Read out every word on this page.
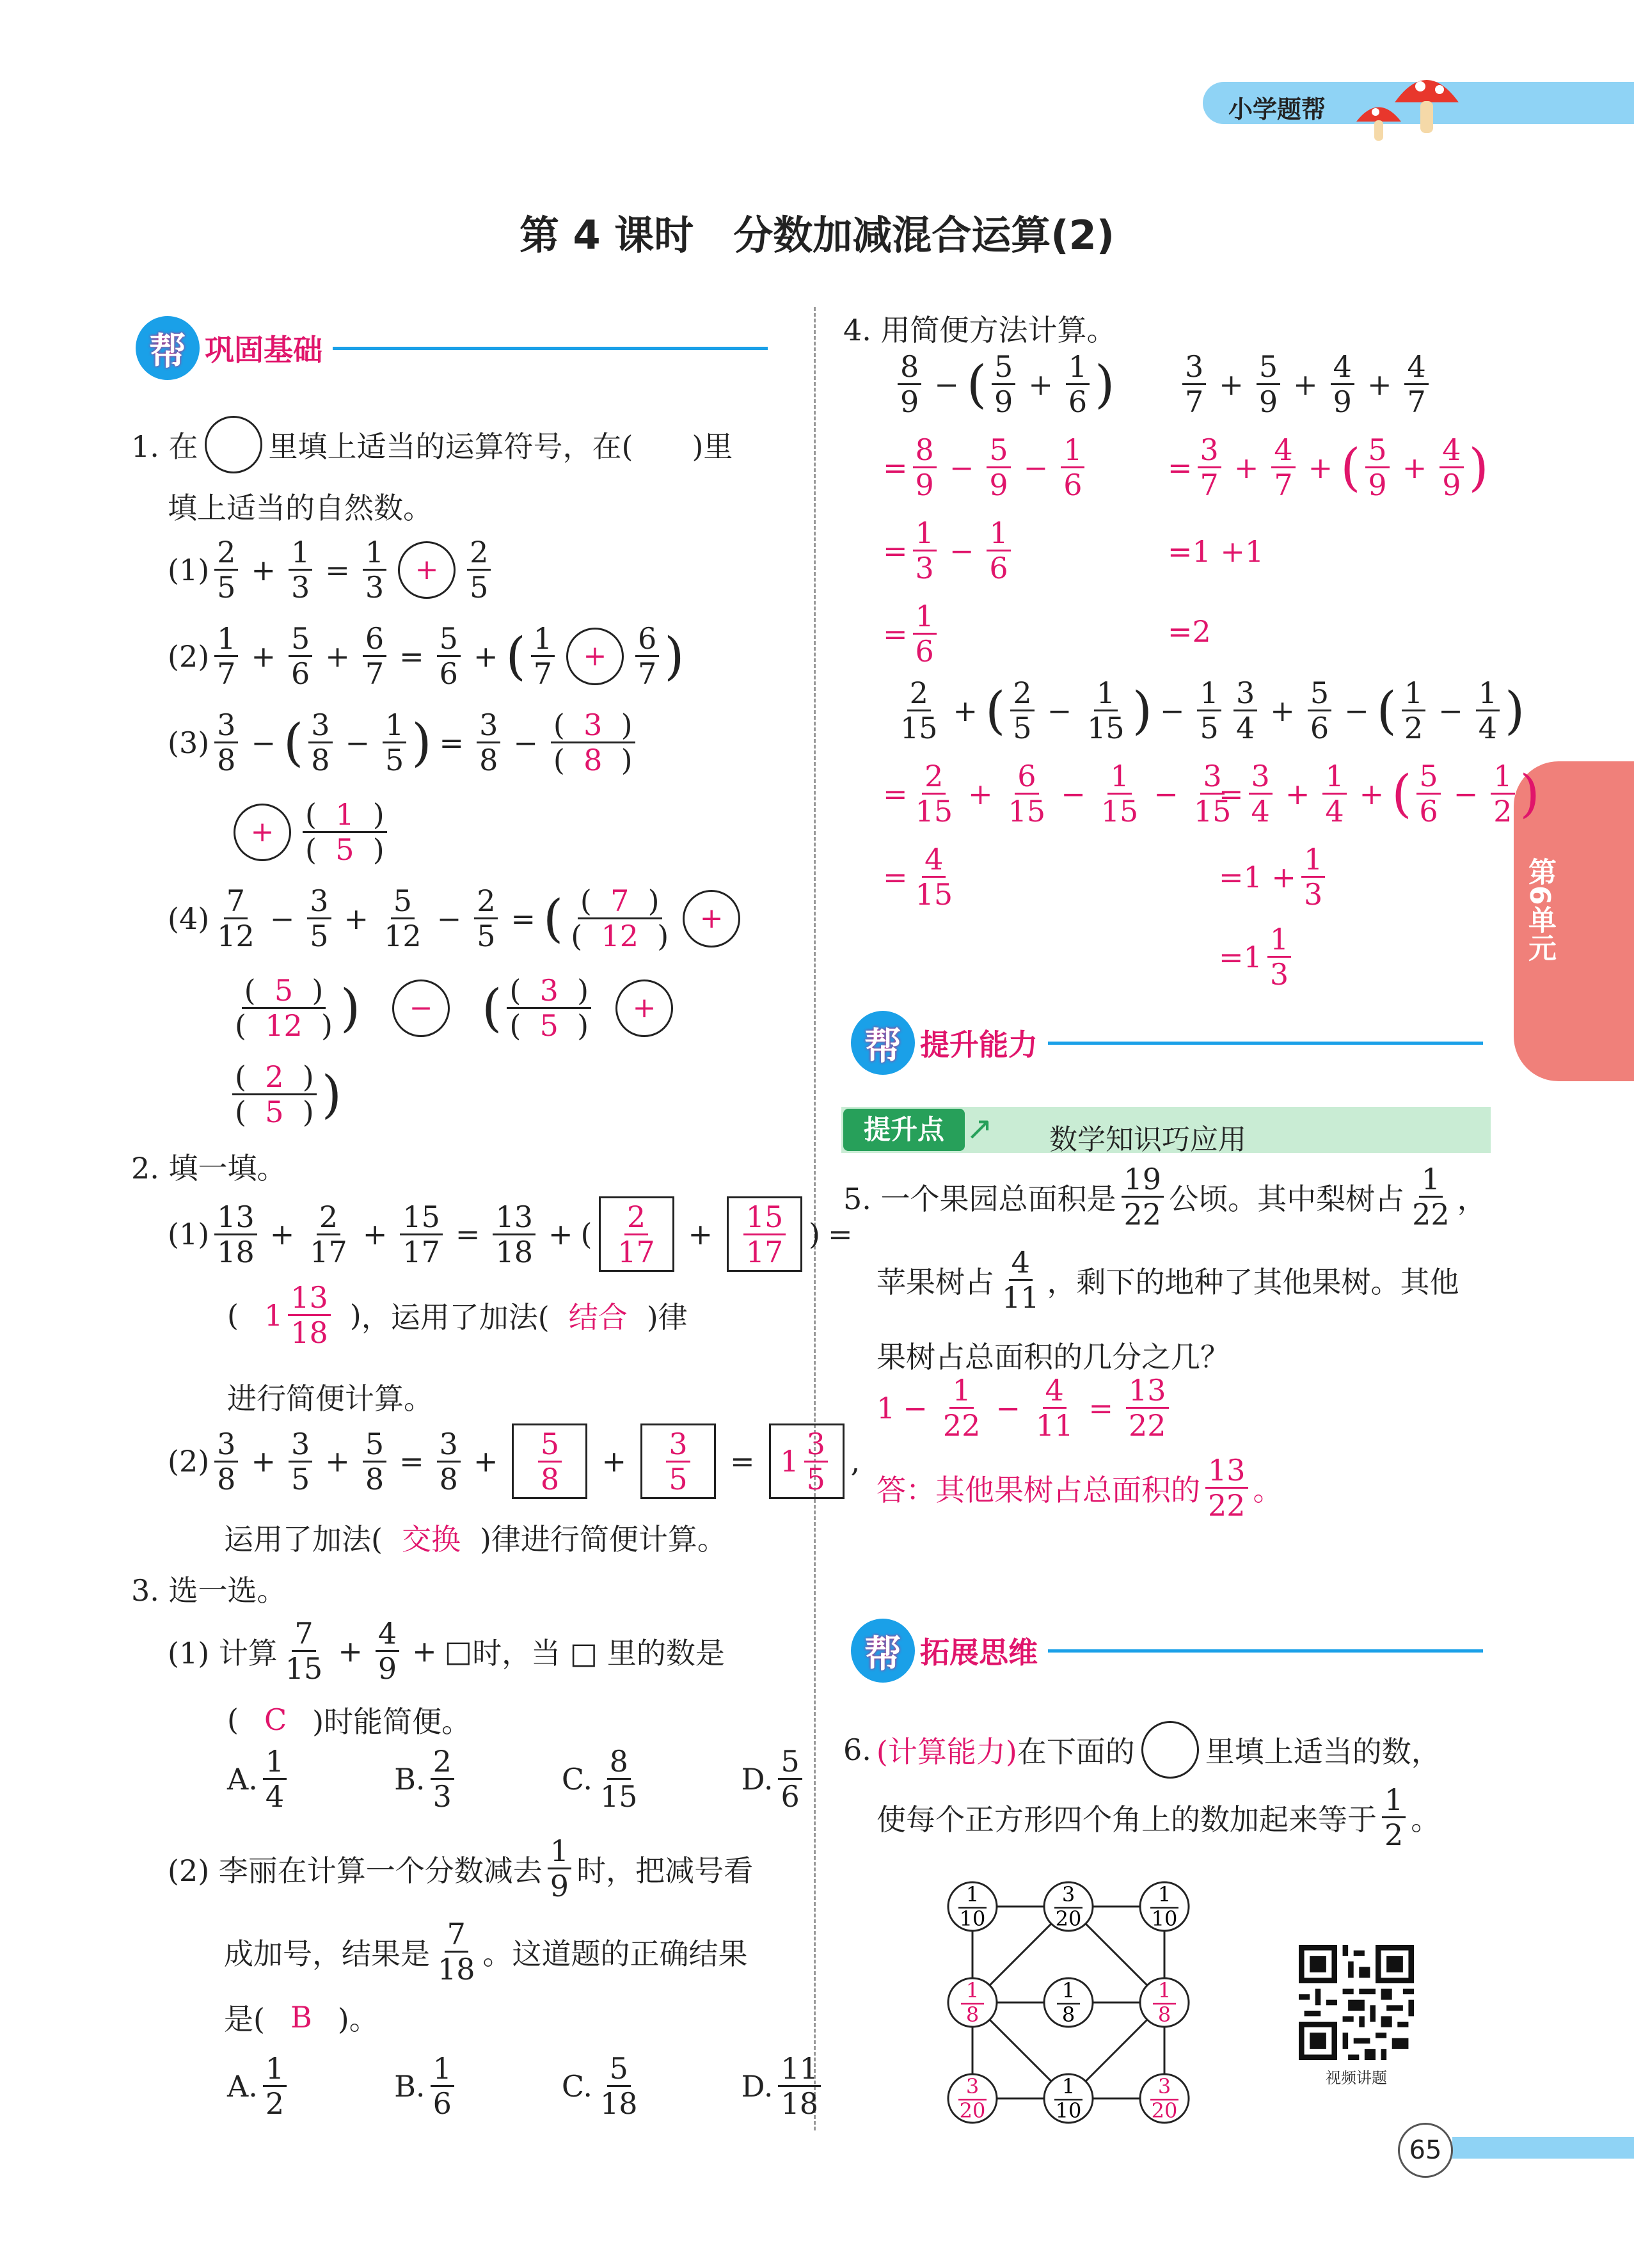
小学题帮
第 4 课时　分数加减混合运算(2)
第6单元
帮 巩固基础
1. 在 里填上适当的运算符号，在(　　)里
填上适当的自然数。
$(1) \frac{2}{5} + \frac{1}{3} = \frac{1}{3}$	+ $\frac{2}{5}$
$(2) \frac{1}{7} + \frac{5}{6} + \frac{6}{7} = \frac{5}{6}$ + ( $\frac{1}{7}$	+ $\frac{6}{7}$ )
$(3) \frac{3}{8}$ − ( $\frac{3}{8} - \frac{1}{5}$ ) = $\frac{3}{8} - \frac{( 3 )}{( 8 )}$
+ $\frac{( 1 )}{( 5 )}$
$(4) \frac{7}{12} - \frac{3}{5} + \frac{5}{12} - \frac{2}{5}$ = ( $\frac{( 7 )}{( 12 )}$	+
$\frac{( 5 )}{( 12 )}$ )	− ( $\frac{( 3 )}{( 5 )}$	+
$\frac{( 2 )}{( 5 )}$ )
2. 填一填。
$(1) \frac{13}{18} + \frac{2}{17} + \frac{15}{17} = \frac{13}{18}$ + ( $\frac{2}{17} + \frac{15}{17}$ ) =
( $1 \frac{13}{18}$ ) ，运用了加法( 结合 )律
进行简便计算。
$(2) \frac{3}{8} + \frac{3}{5} + \frac{5}{8} = \frac{3}{8} + \frac{5}{8} + \frac{3}{5} = 1 \frac{3}{5}$ ,
运用了加法( 交换 )律进行简便计算。
3. 选一选。
(1) 计算 $\frac{7}{15} + \frac{4}{9}$ + □ 时，当 □ 里的数是
( C )时能简便。
A. $\frac{1}{4}$	B. $\frac{2}{3}$	C. $\frac{8}{15}$	D. $\frac{5}{6}$
(2) 李丽在计算一个分数减去 $\frac{1}{9}$ 时，把减号看
成加号，结果是 $\frac{7}{18}$ 。这道题的正确结果
是( B )。
A. $\frac{1}{2}$	B. $\frac{1}{6}$	C. $\frac{5}{18}$	D. $\frac{11}{18}$
4. 用简便方法计算。
$\frac{8}{9}$ − ( $\frac{5}{9} + \frac{1}{6}$ )
= $\frac{8}{9} - \frac{5}{9} - \frac{1}{6}$
= $\frac{1}{3} - \frac{1}{6}$
= $\frac{1}{6}$
$\frac{3}{7} + \frac{5}{9} + \frac{4}{9} + \frac{4}{7}$
= $\frac{3}{7} + \frac{4}{7}$ + ( $\frac{5}{9} + \frac{4}{9}$ )
=1 +1
=2
$\frac{2}{15}$ + ( $\frac{2}{5} - \frac{1}{15}$ ) − $\frac{1}{5}$
= $\frac{2}{15} + \frac{6}{15} - \frac{1}{15} - \frac{3}{15}$
= $\frac{4}{15}$
$\frac{3}{4} + \frac{5}{6}$ − ( $\frac{1}{2} - \frac{1}{4}$ )
= $\frac{3}{4} + \frac{1}{4}$ + ( $\frac{5}{6} - \frac{1}{2}$ )
$=1 + \frac{1}{3}$
$=1 \frac{1}{3}$
帮 提升能力
提升点 ↗ 数学知识巧应用
5. 一个果园总面积是 $\frac{19}{22}$ 公顷。其中梨树占 $\frac{1}{22}$ ，
苹果树占 $\frac{4}{11}$ ，剩下的地种了其他果树。其他
果树占总面积的几分之几？
$1 - \frac{1}{22} - \frac{4}{11} = \frac{13}{22}$
答：其他果树占总面积的 $\frac{13}{22}$ 。
帮 拓展思维
6. (计算能力) 在下面的 里填上适当的数，
使每个正方形四个角上的数加起来等于 $\frac{1}{2}$ 。
1
10
3
20
1
10
1
8
1
10
1
8
1
8
3
20
3
20
视频讲题
65
